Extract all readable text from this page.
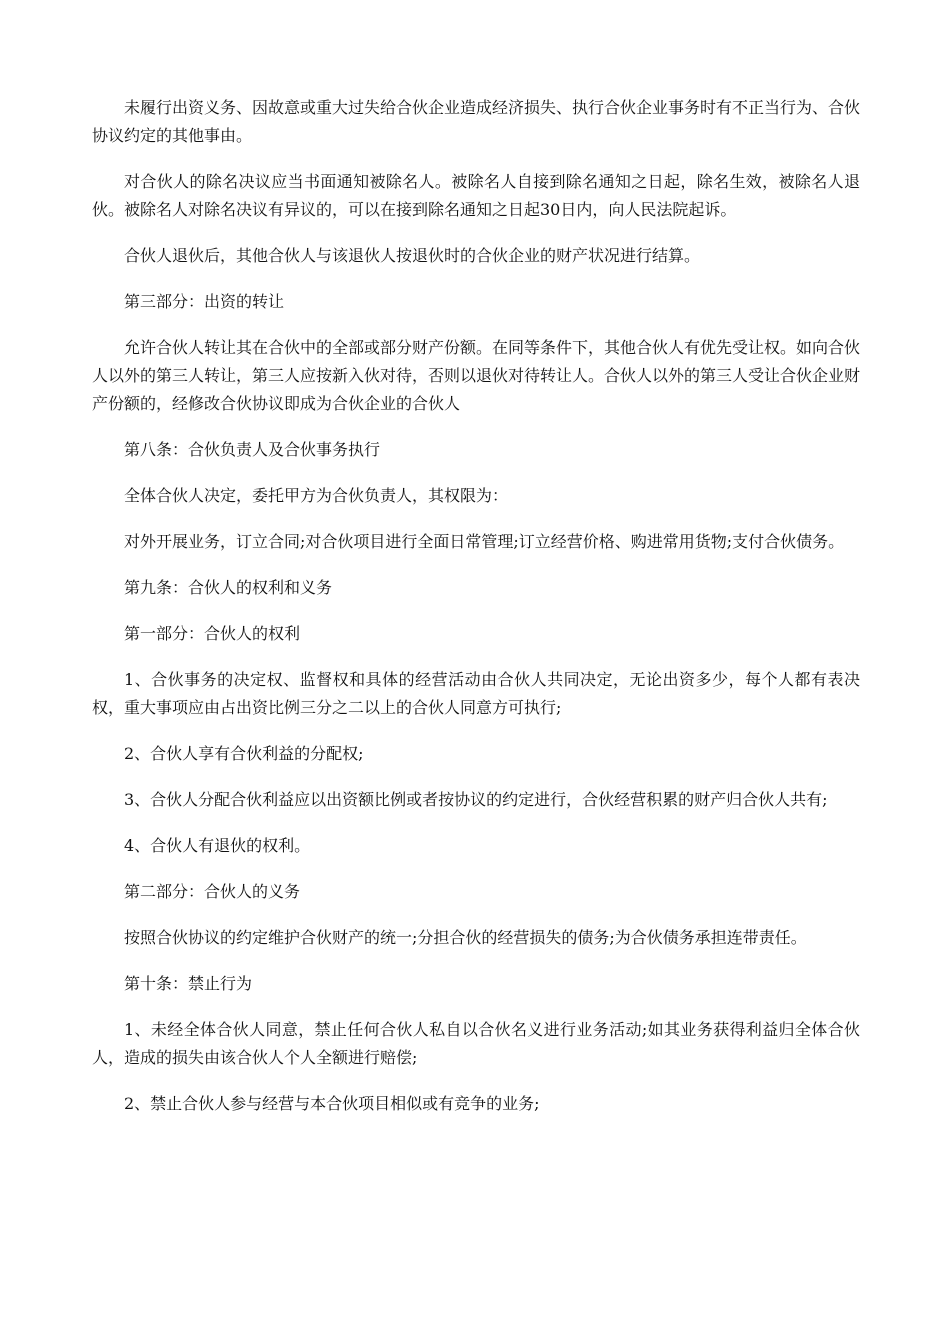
未履行出资义务、因故意或重大过失给合伙企业造成经济损失、执行合伙企业事务时有不正当行为、合伙协议约定的其他事由。

对合伙人的除名决议应当书面通知被除名人。被除名人自接到除名通知之日起，除名生效，被除名人退伙。被除名人对除名决议有异议的，可以在接到除名通知之日起30日内，向人民法院起诉。

合伙人退伙后，其他合伙人与该退伙人按退伙时的合伙企业的财产状况进行结算。

第三部分：出资的转让

允许合伙人转让其在合伙中的全部或部分财产份额。在同等条件下，其他合伙人有优先受让权。如向合伙人以外的第三人转让，第三人应按新入伙对待，否则以退伙对待转让人。合伙人以外的第三人受让合伙企业财产份额的，经修改合伙协议即成为合伙企业的合伙人

第八条：合伙负责人及合伙事务执行

全体合伙人决定，委托甲方为合伙负责人，其权限为：

对外开展业务，订立合同;对合伙项目进行全面日常管理;订立经营价格、购进常用货物;支付合伙债务。

第九条：合伙人的权利和义务

第一部分：合伙人的权利

1、合伙事务的决定权、监督权和具体的经营活动由合伙人共同决定，无论出资多少，每个人都有表决权，重大事项应由占出资比例三分之二以上的合伙人同意方可执行;

2、合伙人享有合伙利益的分配权;

3、合伙人分配合伙利益应以出资额比例或者按协议的约定进行，合伙经营积累的财产归合伙人共有;

4、合伙人有退伙的权利。

第二部分：合伙人的义务

按照合伙协议的约定维护合伙财产的统一;分担合伙的经营损失的债务;为合伙债务承担连带责任。

第十条：禁止行为

1、未经全体合伙人同意，禁止任何合伙人私自以合伙名义进行业务活动;如其业务获得利益归全体合伙人，造成的损失由该合伙人个人全额进行赔偿;

2、禁止合伙人参与经营与本合伙项目相似或有竞争的业务;
